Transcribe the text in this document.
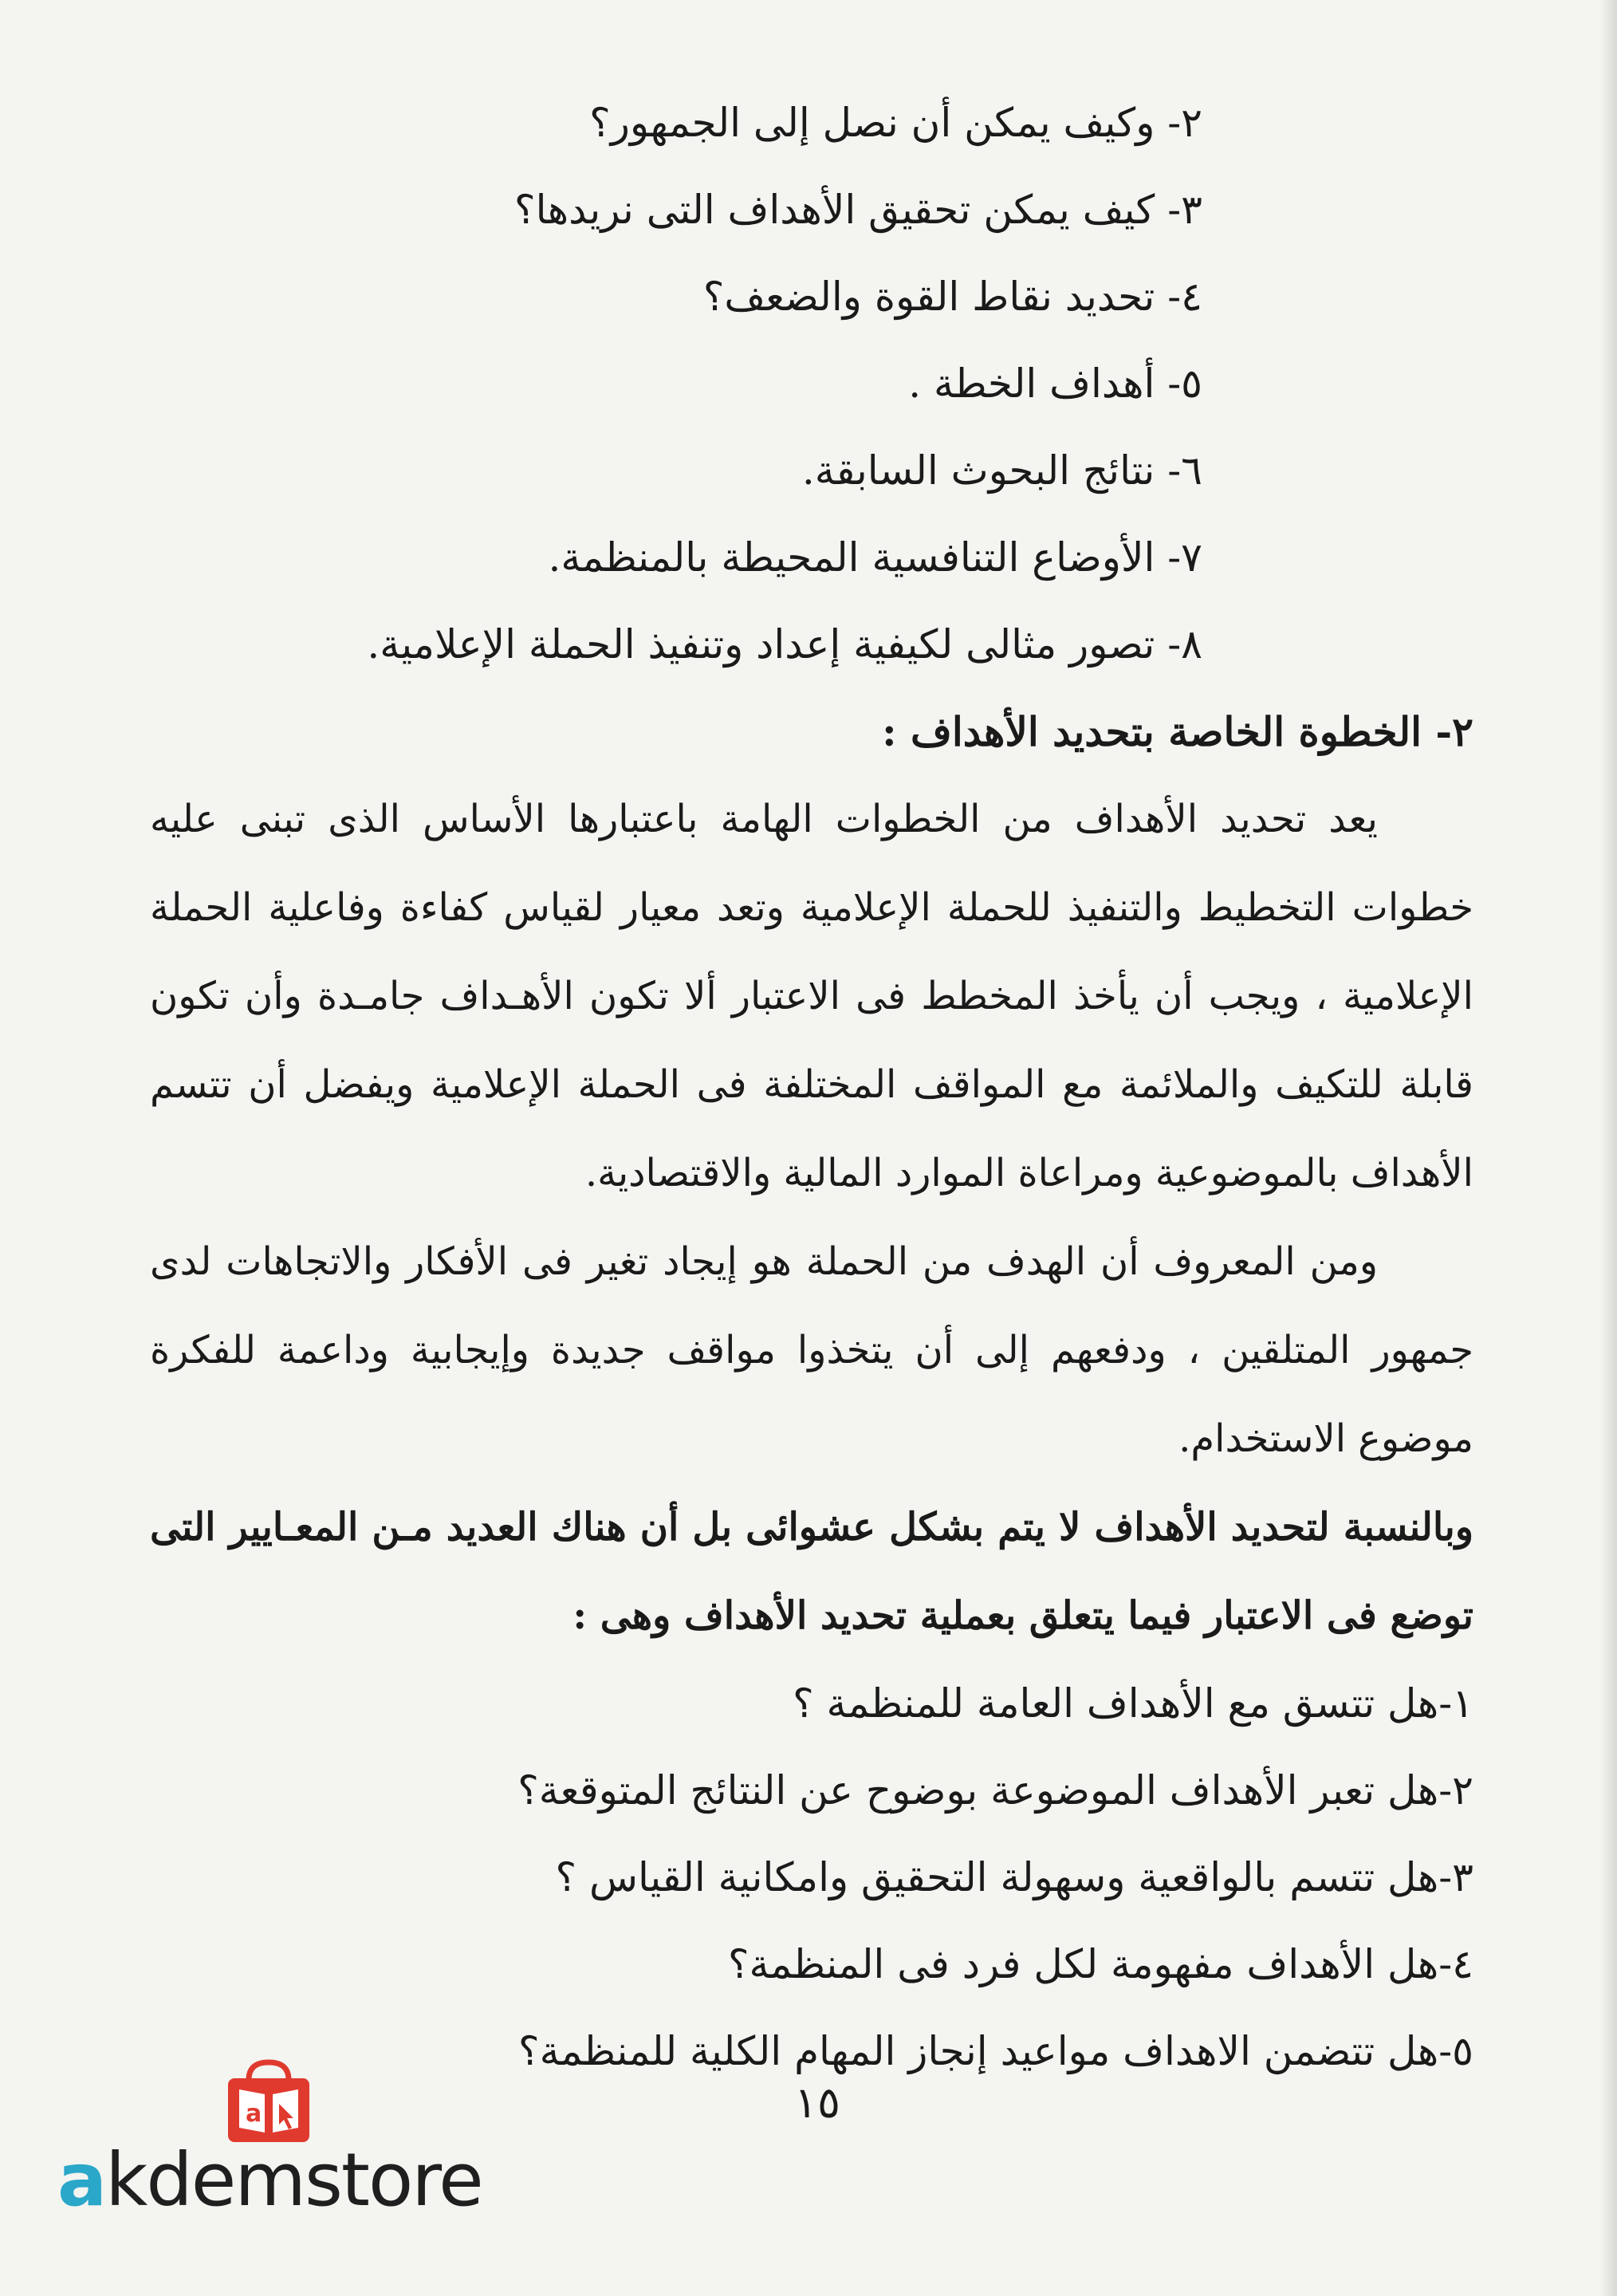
٢- وكيف يمكن أن نصل إلى الجمهور؟
٣- كيف يمكن تحقيق الأهداف التى نريدها؟
٤- تحديد نقاط القوة والضعف؟
٥- أهداف الخطة .
٦- نتائج البحوث السابقة.
٧- الأوضاع التنافسية المحيطة بالمنظمة.
٨- تصور مثالى لكيفية إعداد وتنفيذ الحملة الإعلامية.
٢- الخطوة الخاصة بتحديد الأهداف :
يعد تحديد الأهداف من الخطوات الهامة باعتبارها الأساس الذى تبنى عليه خطوات التخطيط والتنفيذ للحملة الإعلامية وتعد معيار لقياس كفاءة وفاعلية الحملة الإعلامية ، ويجب أن يأخذ المخطط فى الاعتبار ألا تكون الأهـداف جامـدة وأن تكون قابلة للتكيف والملائمة مع المواقف المختلفة فى الحملة الإعلامية ويفضل أن تتسم الأهداف بالموضوعية ومراعاة الموارد المالية والاقتصادية.
ومن المعروف أن الهدف من الحملة هو إيجاد تغير فى الأفكار والاتجاهات لدى جمهور المتلقين ، ودفعهم إلى أن يتخذوا مواقف جديدة وإيجابية وداعمة للفكرة موضوع الاستخدام.
وبالنسبة لتحديد الأهداف لا يتم بشكل عشوائى بل أن هناك العديد مـن المعـايير التى توضع فى الاعتبار فيما يتعلق بعملية تحديد الأهداف وهى :
١-هل تتسق مع الأهداف العامة للمنظمة ؟
٢-هل تعبر الأهداف الموضوعة بوضوح عن النتائج المتوقعة؟
٣-هل تتسم بالواقعية وسهولة التحقيق وامكانية القياس ؟
٤-هل الأهداف مفهومة لكل فرد فى المنظمة؟
٥-هل تتضمن الاهداف مواعيد إنجاز المهام الكلية للمنظمة؟
١٥
a
akdemstore
